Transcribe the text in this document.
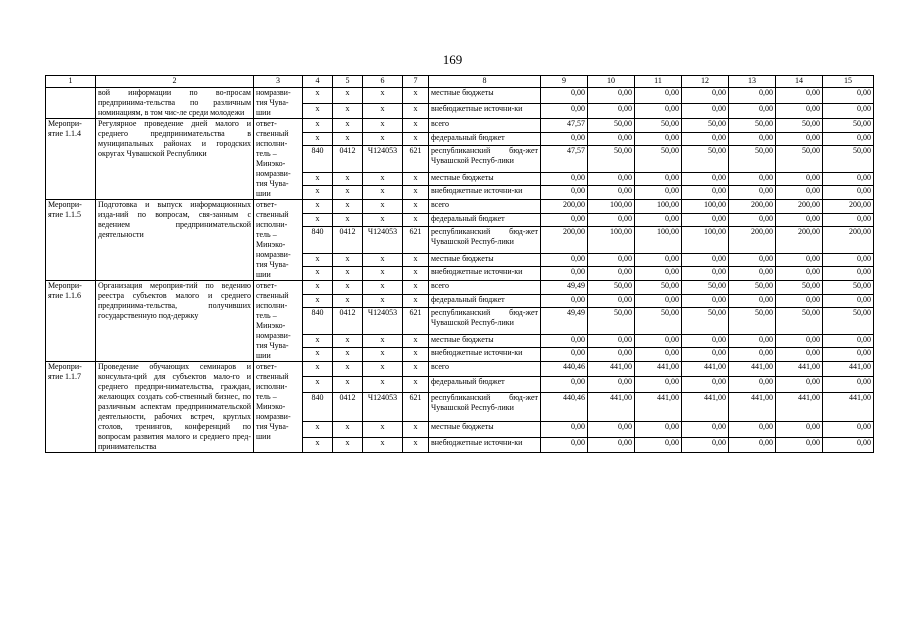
169
1	2	3	4	5	6	7	8	9	10	11	12	13	14	15
	вой информации по во-просам предпринима-тельства по различным номинациям, в том чис-ле среди молодежи	номразви-тия Чува-шии	x	x	x	x	местные бюджеты	0,00	0,00	0,00	0,00	0,00	0,00	0,00
			x	x	x	x	внебюджетные источни-ки	0,00	0,00	0,00	0,00	0,00	0,00	0,00
Меропри-ятие 1.1.4	Регулярное проведение дней малого и среднего предпринимательства в муниципальных районах и городских округах Чувашской Республики	ответ-ственный исполни-тель – Минэко-номразви-тия Чува-шии	x	x	x	x	всего	47,57	50,00	50,00	50,00	50,00	50,00	50,00
			x	x	x	x	федеральный бюджет	0,00	0,00	0,00	0,00	0,00	0,00	0,00
			840	0412	Ч124053	621	республиканский бюд-жет Чувашской Респуб-лики	47,57	50,00	50,00	50,00	50,00	50,00	50,00
			x	x	x	x	местные бюджеты	0,00	0,00	0,00	0,00	0,00	0,00	0,00
			x	x	x	x	внебюджетные источни-ки	0,00	0,00	0,00	0,00	0,00	0,00	0,00
Меропри-ятие 1.1.5	Подготовка и выпуск информационных изда-ний по вопросам, свя-занным с ведением предпринимательской деятельности	ответ-ственный исполни-тель – Минэко-номразви-тия Чува-шии	x	x	x	x	всего	200,00	100,00	100,00	100,00	200,00	200,00	200,00
			x	x	x	x	федеральный бюджет	0,00	0,00	0,00	0,00	0,00	0,00	0,00
			840	0412	Ч124053	621	республиканский бюд-жет Чувашской Респуб-лики	200,00	100,00	100,00	100,00	200,00	200,00	200,00
			x	x	x	x	местные бюджеты	0,00	0,00	0,00	0,00	0,00	0,00	0,00
			x	x	x	x	внебюджетные источни-ки	0,00	0,00	0,00	0,00	0,00	0,00	0,00
Меропри-ятие 1.1.6	Организация мероприя-тий по ведению реестра субъектов малого и среднего предпринима-тельства, получивших государственную под-держку	ответ-ственный исполни-тель – Минэко-номразви-тия Чува-шии	x	x	x	x	всего	49,49	50,00	50,00	50,00	50,00	50,00	50,00
			x	x	x	x	федеральный бюджет	0,00	0,00	0,00	0,00	0,00	0,00	0,00
			840	0412	Ч124053	621	республиканский бюд-жет Чувашской Респуб-лики	49,49	50,00	50,00	50,00	50,00	50,00	50,00
			x	x	x	x	местные бюджеты	0,00	0,00	0,00	0,00	0,00	0,00	0,00
			x	x	x	x	внебюджетные источни-ки	0,00	0,00	0,00	0,00	0,00	0,00	0,00
Меропри-ятие 1.1.7	Проведение обучающих семинаров и консульта-ций для субъектов мало-го и среднего предпри-нимательства, граждан, желающих создать соб-ственный бизнес, по различным аспектам предпринимательской деятельности, рабочих встреч, круглых столов, тренингов, конференций по вопросам развития малого и среднего пред-принимательства	ответ-ственный исполни-тель – Минэко-номразви-тия Чува-шии	x	x	x	x	всего	440,46	441,00	441,00	441,00	441,00	441,00	441,00
			x	x	x	x	федеральный бюджет	0,00	0,00	0,00	0,00	0,00	0,00	0,00
			840	0412	Ч124053	621	республиканский бюд-жет Чувашской Респуб-лики	440,46	441,00	441,00	441,00	441,00	441,00	441,00
			x	x	x	x	местные бюджеты	0,00	0,00	0,00	0,00	0,00	0,00	0,00
			x	x	x	x	внебюджетные источни-ки	0,00	0,00	0,00	0,00	0,00	0,00	0,00
